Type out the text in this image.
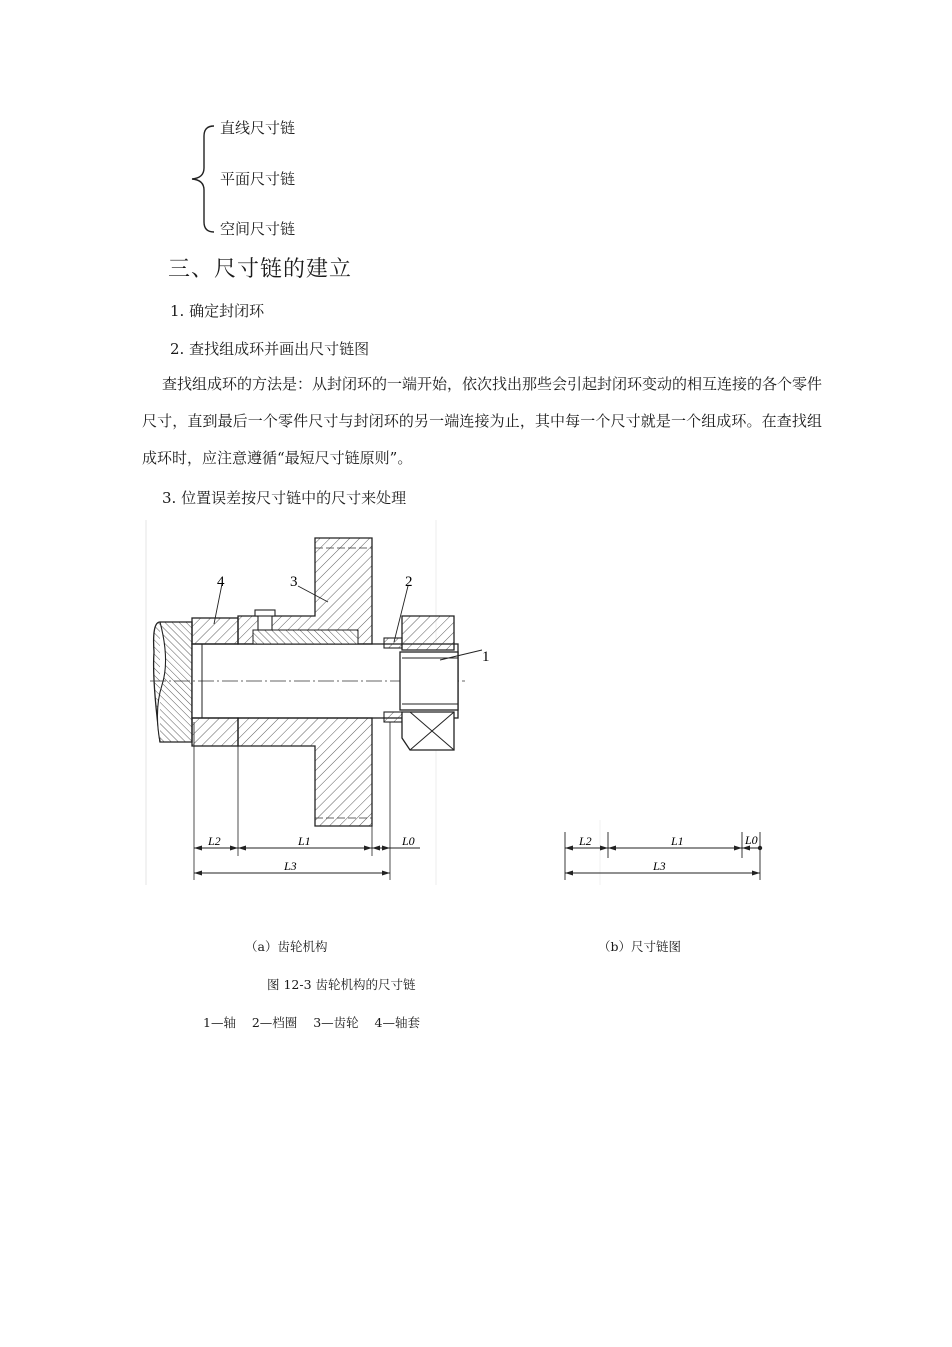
直线尺寸链
平面尺寸链
空间尺寸链
三、尺寸链的建立
1. 确定封闭环
2. 查找组成环并画出尺寸链图
查找组成环的方法是：从封闭环的一端开始，依次找出那些会引起封闭环变动的相互连接的各个零件尺寸，直到最后一个零件尺寸与封闭环的另一端连接为止，其中每一个尺寸就是一个组成环。在查找组成环时，应注意遵循“最短尺寸链原则”。
3. 位置误差按尺寸链中的尺寸来处理
4	3	2
1
L2	L1	L0
L3
L2	L1	L0
L3
（a）齿轮机构	（b）尺寸链图
图 12-3 齿轮机构的尺寸链
1—轴    2—档圈    3—齿轮    4—轴套
